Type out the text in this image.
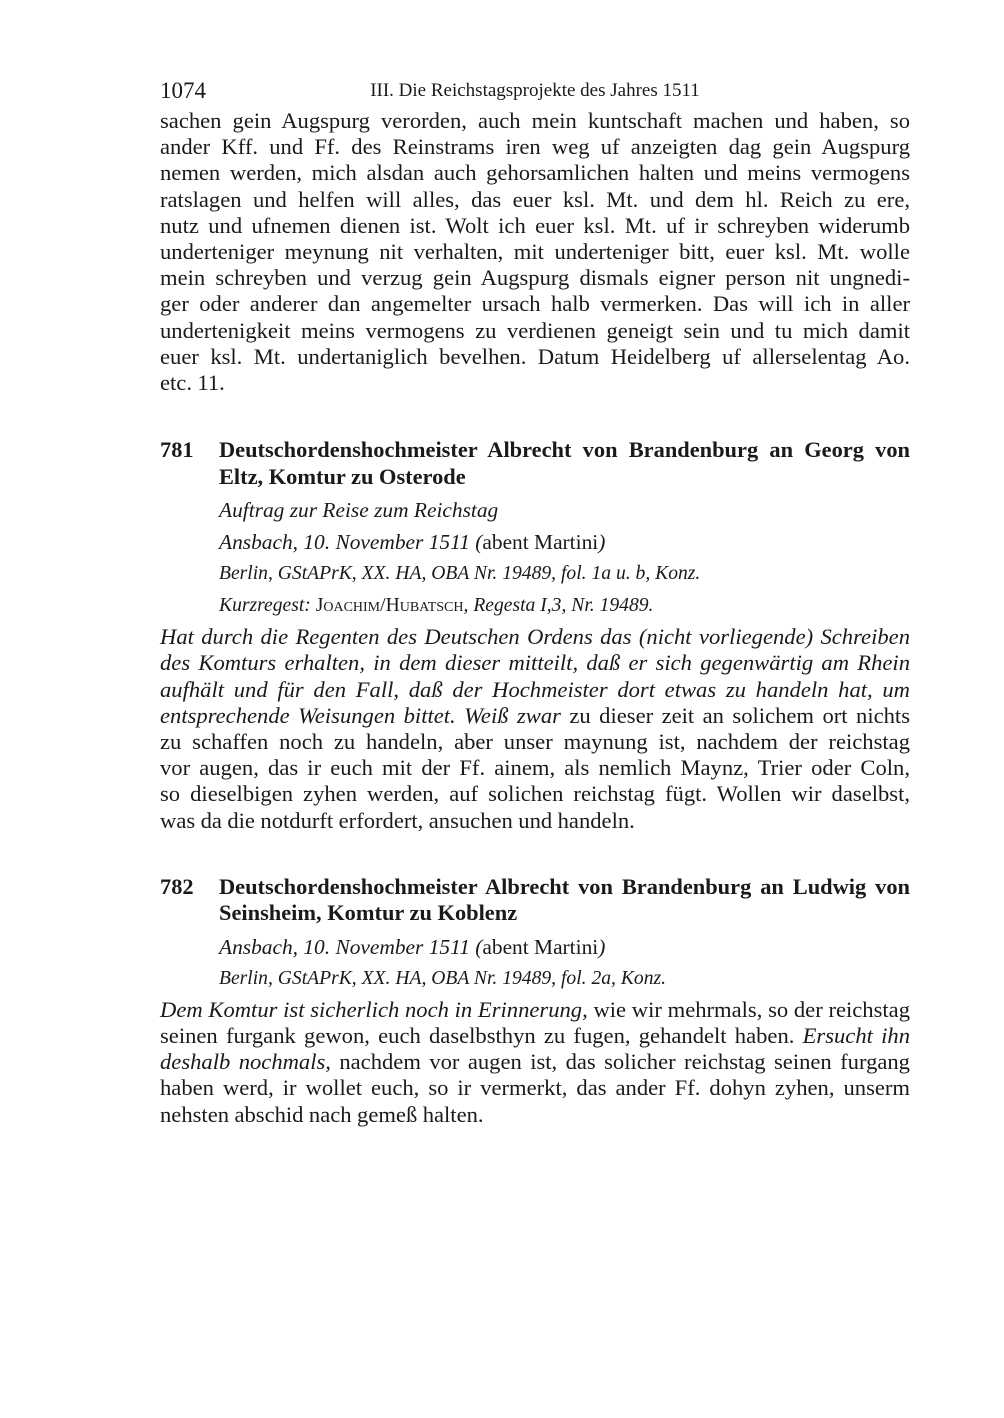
1074	III. Die Reichstagsprojekte des Jahres 1511

sachen gein Augspurg verorden, auch mein kuntschaft machen und haben, so
ander Kff. und Ff. des Reinstrams iren weg uf anzeigten dag gein Augspurg
nemen werden, mich alsdan auch gehorsamlichen halten und meins vermogens
ratslagen und helfen will alles, das euer ksl. Mt. und dem hl. Reich zu ere,
nutz und ufnemen dienen ist. Wolt ich euer ksl. Mt. uf ir schreyben widerumb
underteniger meynung nit verhalten, mit underteniger bitt, euer ksl. Mt. wolle
mein schreyben und verzug gein Augspurg dismals eigner person nit ungnedi-
ger oder anderer dan angemelter ursach halb vermerken. Das will ich in aller
undertenigkeit meins vermogens zu verdienen geneigt sein und tu mich damit
euer ksl. Mt. undertaniglich bevelhen. Datum Heidelberg uf allerselentag Ao.
etc. 11.

781 Deutschordenshochmeister Albrecht von Brandenburg an Georg von
Eltz, Komtur zu Osterode
Auftrag zur Reise zum Reichstag
Ansbach, 10. November 1511 (abent Martini)
Berlin, GStAPrK, XX. HA, OBA Nr. 19489, fol. 1a u. b, Konz.
Kurzregest: Joachim/Hubatsch, Regesta I,3, Nr. 19489.

Hat durch die Regenten des Deutschen Ordens das (nicht vorliegende) Schreiben
des Komturs erhalten, in dem dieser mitteilt, daß er sich gegenwärtig am Rhein
aufhält und für den Fall, daß der Hochmeister dort etwas zu handeln hat, um
entsprechende Weisungen bittet. Weiß zwar zu dieser zeit an solichem ort nichts
zu schaffen noch zu handeln, aber unser maynung ist, nachdem der reichstag
vor augen, das ir euch mit der Ff. ainem, als nemlich Maynz, Trier oder Coln,
so dieselbigen zyhen werden, auf solichen reichstag fügt. Wollen wir daselbst,
was da die notdurft erfordert, ansuchen und handeln.

782 Deutschordenshochmeister Albrecht von Brandenburg an Ludwig von
Seinsheim, Komtur zu Koblenz
Ansbach, 10. November 1511 (abent Martini)
Berlin, GStAPrK, XX. HA, OBA Nr. 19489, fol. 2a, Konz.

Dem Komtur ist sicherlich noch in Erinnerung, wie wir mehrmals, so der reichstag
seinen furgank gewon, euch daselbsthyn zu fugen, gehandelt haben. Ersucht ihn
deshalb nochmals, nachdem vor augen ist, das solicher reichstag seinen furgang
haben werd, ir wollet euch, so ir vermerkt, das ander Ff. dohyn zyhen, unserm
nehsten abschid nach gemeß halten.
